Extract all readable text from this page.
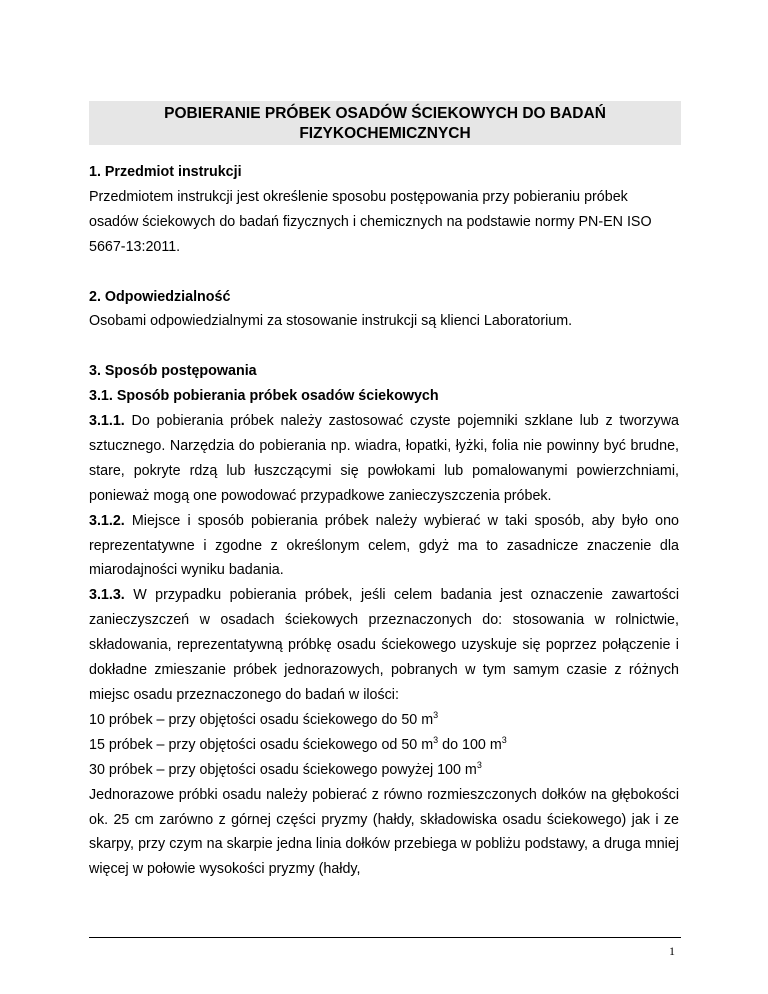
POBIERANIE PRÓBEK OSADÓW ŚCIEKOWYCH DO BADAŃ
FIZYKOCHEMICZNYCH

1. Przedmiot instrukcji

Przedmiotem instrukcji jest określenie sposobu postępowania przy pobieraniu próbek osadów ściekowych do badań fizycznych i chemicznych na podstawie normy PN-EN ISO 5667-13:2011.

2. Odpowiedzialność

Osobami odpowiedzialnymi za stosowanie instrukcji są klienci Laboratorium.

3. Sposób postępowania

3.1. Sposób pobierania próbek osadów ściekowych

3.1.1. Do pobierania próbek należy zastosować czyste pojemniki szklane lub z tworzywa sztucznego. Narzędzia do pobierania np. wiadra, łopatki, łyżki, folia nie powinny być brudne, stare, pokryte rdzą lub łuszczącymi się powłokami lub pomalowanymi powierzchniami, ponieważ mogą one powodować przypadkowe zanieczyszczenia próbek.

3.1.2. Miejsce i sposób pobierania próbek należy wybierać w taki sposób, aby było ono reprezentatywne i zgodne z określonym celem, gdyż ma to zasadnicze znaczenie dla miarodajności wyniku badania.

3.1.3. W przypadku pobierania próbek, jeśli celem badania jest oznaczenie zawartości zanieczyszczeń w osadach ściekowych przeznaczonych do: stosowania w rolnictwie, składowania, reprezentatywną próbkę osadu ściekowego uzyskuje się poprzez połączenie i dokładne zmieszanie próbek jednorazowych, pobranych w tym samym czasie z różnych miejsc osadu przeznaczonego do badań w ilości:

10 próbek – przy objętości osadu ściekowego do 50 $m^3$

15 próbek – przy objętości osadu ściekowego od 50 $m^3$ do 100 $m^3$

30 próbek – przy objętości osadu ściekowego powyżej 100 $m^3$

Jednorazowe próbki osadu należy pobierać z równo rozmieszczonych dołków na głębokości ok. 25 cm zarówno z górnej części pryzmy (hałdy, składowiska osadu ściekowego) jak i ze skarpy, przy czym na skarpie jedna linia dołków przebiega w pobliżu podstawy, a druga mniej więcej w połowie wysokości pryzmy (hałdy,

1
